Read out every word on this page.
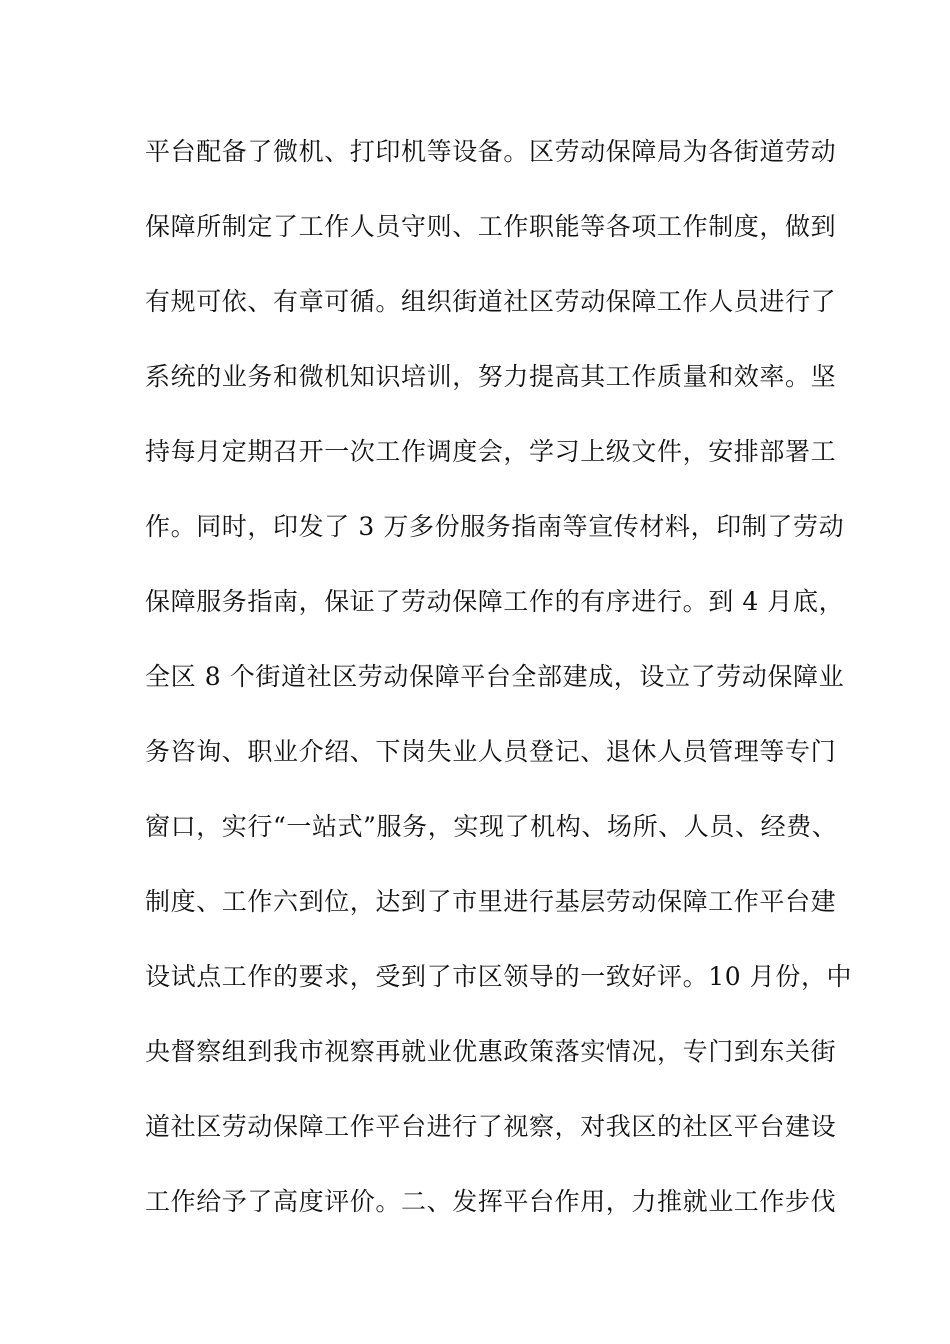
平台配备了微机、打印机等设备。区劳动保障局为各街道劳动
保障所制定了工作人员守则、工作职能等各项工作制度，做到
有规可依、有章可循。组织街道社区劳动保障工作人员进行了
系统的业务和微机知识培训，努力提高其工作质量和效率。坚
持每月定期召开一次工作调度会，学习上级文件，安排部署工
作。同时，印发了 3 万多份服务指南等宣传材料，印制了劳动
保障服务指南，保证了劳动保障工作的有序进行。到 4 月底，
全区 8 个街道社区劳动保障平台全部建成，设立了劳动保障业
务咨询、职业介绍、下岗失业人员登记、退休人员管理等专门
窗口，实行“一站式”服务，实现了机构、场所、人员、经费、
制度、工作六到位，达到了市里进行基层劳动保障工作平台建
设试点工作的要求，受到了市区领导的一致好评。10 月份，中
央督察组到我市视察再就业优惠政策落实情况，专门到东关街
道社区劳动保障工作平台进行了视察，对我区的社区平台建设
工作给予了高度评价。二、发挥平台作用，力推就业工作步伐
